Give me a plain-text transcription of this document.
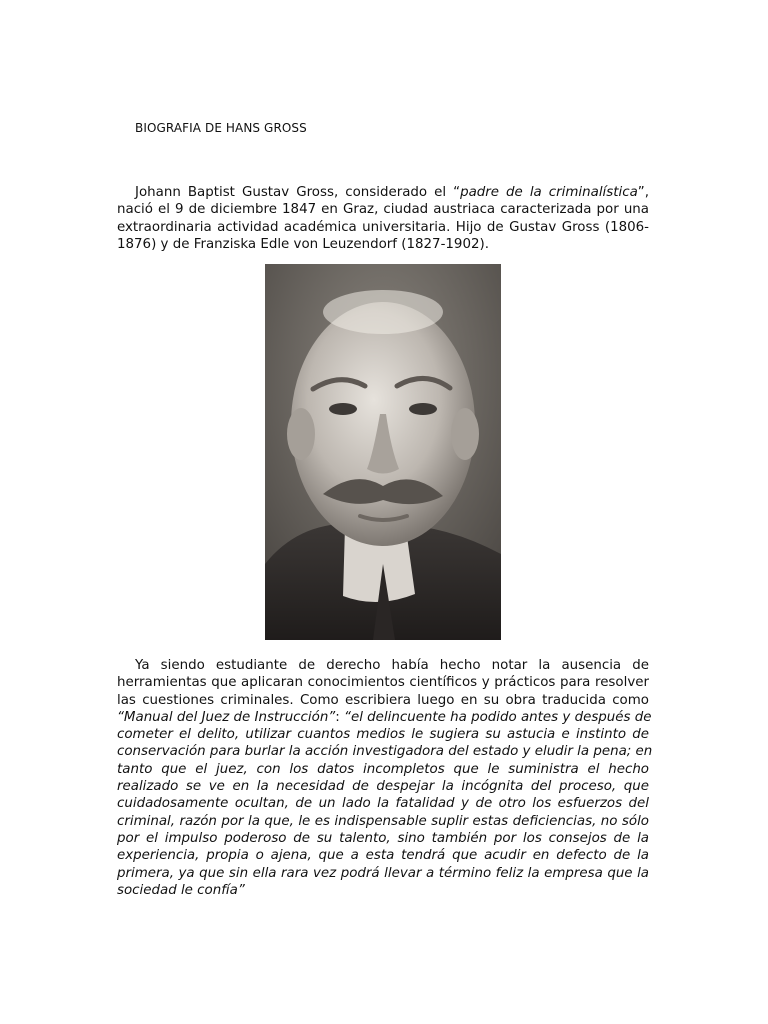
BIOGRAFIA DE HANS GROSS
Johann Baptist Gustav Gross, considerado el “padre de la criminalística”,
nació el 9 de diciembre 1847 en Graz, ciudad austriaca caracterizada por una
extraordinaria actividad académica universitaria. Hijo de Gustav Gross (1806-
1876) y de Franziska Edle von Leuzendorf (1827-1902).
Ya siendo estudiante de derecho había hecho notar la ausencia de
herramientas que aplicaran conocimientos científicos y prácticos para resolver
las cuestiones criminales. Como escribiera luego en su obra traducida como
“Manual del Juez de Instrucción”: “el delincuente ha podido antes y después de
cometer el delito, utilizar cuantos medios le sugiera su astucia e instinto de
conservación para burlar la acción investigadora del estado y eludir la pena; en
tanto que el juez, con los datos incompletos que le suministra el hecho
realizado se ve en la necesidad de despejar la incógnita del proceso, que
cuidadosamente ocultan, de un lado la fatalidad y de otro los esfuerzos del
criminal, razón por la que, le es indispensable suplir estas deficiencias, no sólo
por el impulso poderoso de su talento, sino también por los consejos de la
experiencia, propia o ajena, que a esta tendrá que acudir en defecto de la
primera, ya que sin ella rara vez podrá llevar a término feliz la empresa que la
sociedad le confía”
